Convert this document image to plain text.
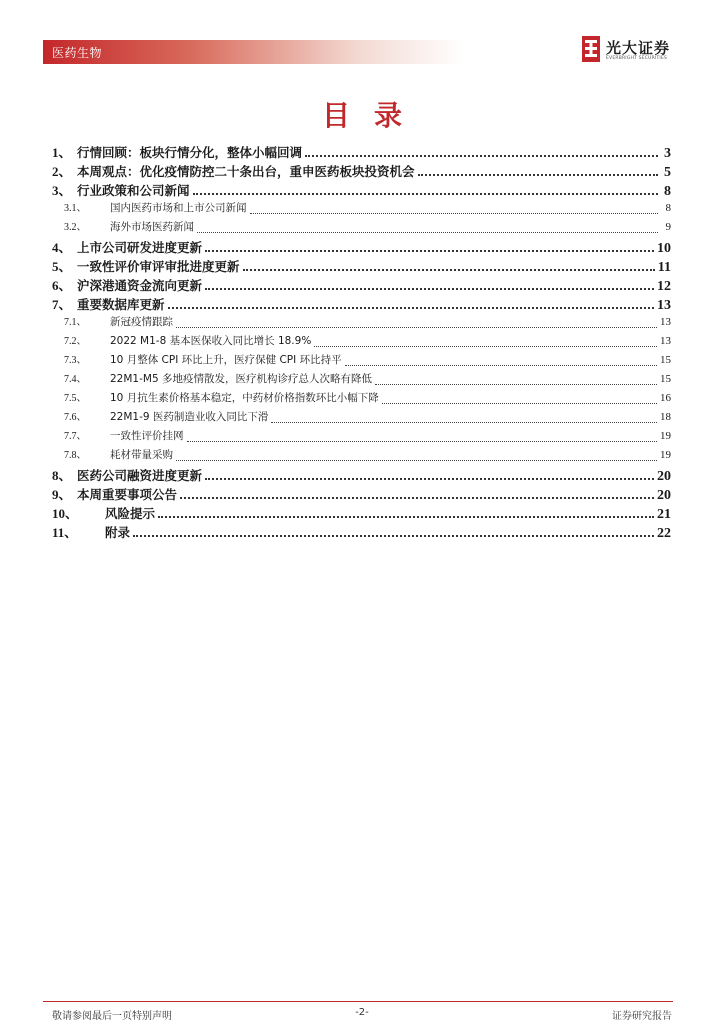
医药生物	光大证券
EVERBRIGHT SECURITIES
目录
1、 行情回顾：板块行情分化，整体小幅回调	3
2、 本周观点：优化疫情防控二十条出台，重申医药板块投资机会	5
3、 行业政策和公司新闻	8
3.1、	国内医药市场和上市公司新闻	8
3.2、	海外市场医药新闻	9
4、 上市公司研发进度更新	10
5、 一致性评价审评审批进度更新	11
6、 沪深港通资金流向更新	12
7、 重要数据库更新	13
7.1、	新冠疫情跟踪	13
7.2、	2022 M1-8 基本医保收入同比增长 18.9%	13
7.3、	10 月整体 CPI 环比上升，医疗保健 CPI 环比持平	15
7.4、	22M1-M5 多地疫情散发，医疗机构诊疗总人次略有降低	15
7.5、	10 月抗生素价格基本稳定，中药材价格指数环比小幅下降	16
7.6、	22M1-9 医药制造业收入同比下滑	18
7.7、	一致性评价挂网	19
7.8、	耗材带量采购	19
8、 医药公司融资进度更新	20
9、 本周重要事项公告	20
10、	风险提示	21
11、	附录	22
敬请参阅最后一页特别声明	-2-	证券研究报告
